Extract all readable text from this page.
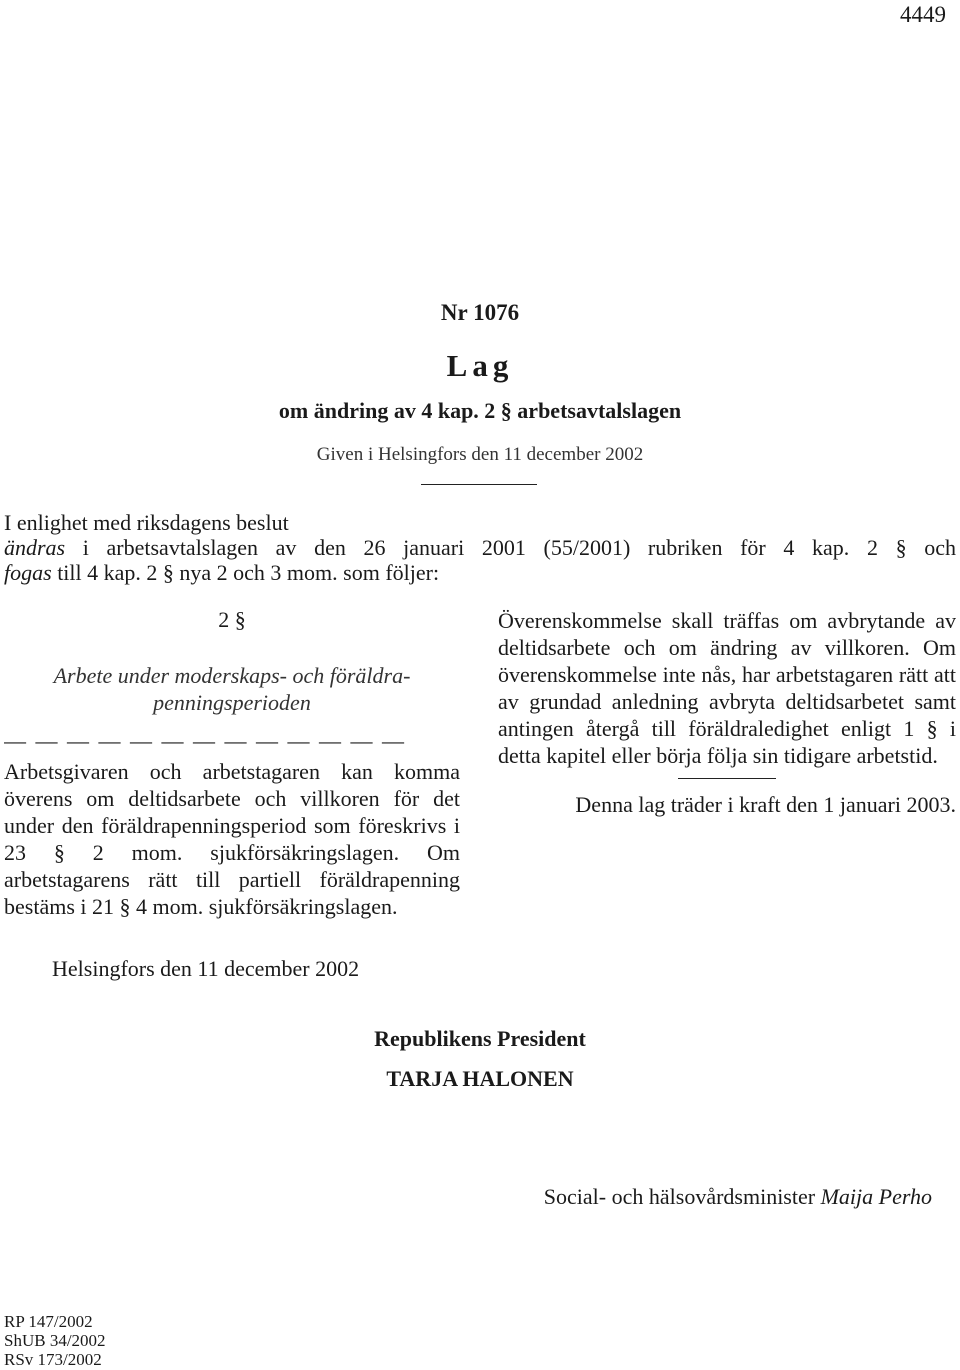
4449
Nr 1076
Lag
om ändring av 4 kap. 2 § arbetsavtalslagen
Given i Helsingfors den 11 december 2002

I enlighet med riksdagens beslut

ändras i arbetsavtalslagen av den 26 januari 2001 (55/2001) rubriken för 4 kap. 2 § och

fogas till 4 kap. 2 § nya 2 och 3 mom. som följer:

2 §
Arbete under moderskaps- och föräldra-penningsperioden
— — — — — — — — — — — — —

Arbetsgivaren och arbetstagaren kan komma överens om deltidsarbete och villkoren för det under den föräldrapenningsperiod som föreskrivs i 23 § 2 mom. sjukförsäkringslagen. Om arbetstagarens rätt till partiell föräldrapenning bestäms i 21 § 4 mom. sjukförsäkringslagen.

Överenskommelse skall träffas om avbrytande av deltidsarbete och om ändring av villkoren. Om överenskommelse inte nås, har arbetstagaren rätt att av grundad anledning avbryta deltidsarbetet samt antingen återgå till föräldraledighet enligt 1 § i detta kapitel eller börja följa sin tidigare arbetstid.

Denna lag träder i kraft den 1 januari 2003.
Helsingfors den 11 december 2002
Republikens President
TARJA HALONEN
Social- och hälsovårdsminister Maija Perho
RP 147/2002
ShUB 34/2002
RSv 173/2002
